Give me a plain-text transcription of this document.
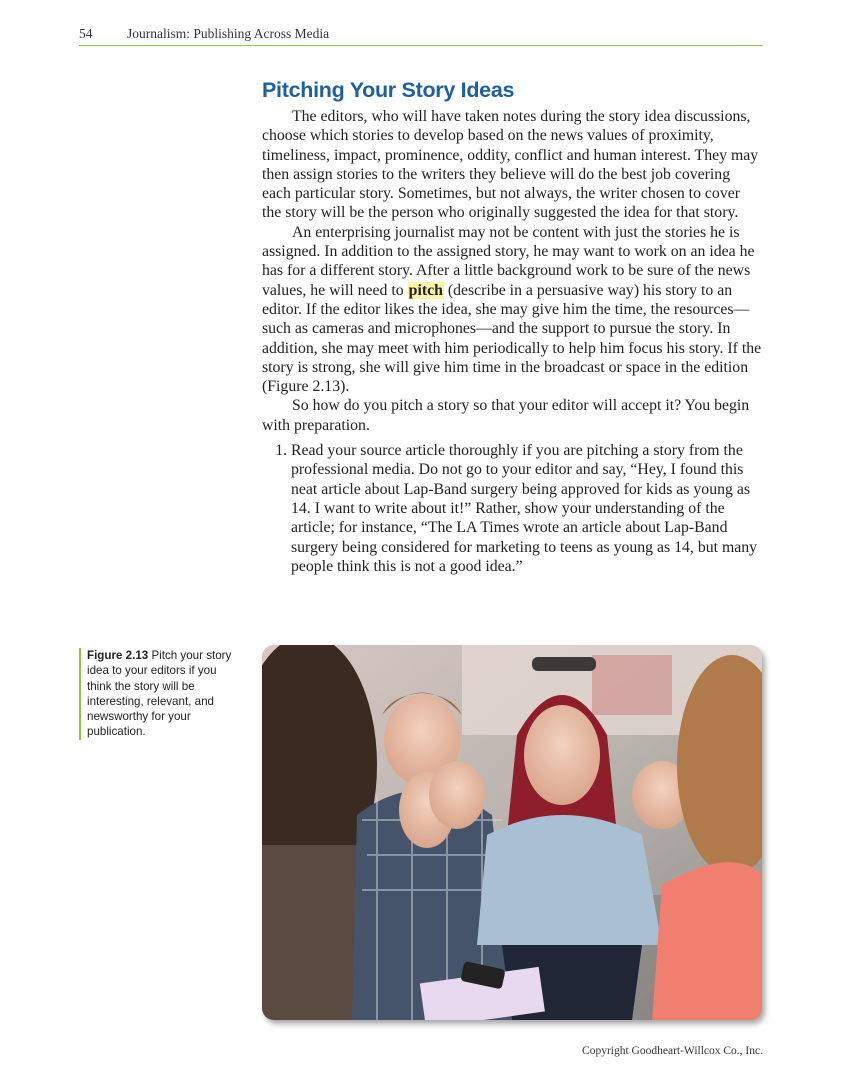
54	Journalism: Publishing Across Media
Pitching Your Story Ideas

The editors, who will have taken notes during the story idea discussions, choose which stories to develop based on the news values of proximity, timeliness, impact, prominence, oddity, conflict and human interest. They may then assign stories to the writers they believe will do the best job covering each particular story. Sometimes, but not always, the writer chosen to cover the story will be the person who originally suggested the idea for that story.

An enterprising journalist may not be content with just the stories he is assigned. In addition to the assigned story, he may want to work on an idea he has for a different story. After a little background work to be sure of the news values, he will need to pitch (describe in a persuasive way) his story to an editor. If the editor likes the idea, she may give him the time, the resources—such as cameras and microphones—and the support to pursue the story. In addition, she may meet with him periodically to help him focus his story. If the story is strong, she will give him time in the broadcast or space in the edition (Figure 2.13).

So how do you pitch a story so that your editor will accept it? You begin with preparation.

1. Read your source article thoroughly if you are pitching a story from the professional media. Do not go to your editor and say, “Hey, I found this neat article about Lap-Band surgery being approved for kids as young as 14. I want to write about it!” Rather, show your understanding of the article; for instance, “The LA Times wrote an article about Lap-Band surgery being considered for marketing to teens as young as 14, but many people think this is not a good idea.”
Figure 2.13 Pitch your story idea to your editors if you think the story will be interesting, relevant, and newsworthy for your publication.
Copyright Goodheart-Willcox Co., Inc.
